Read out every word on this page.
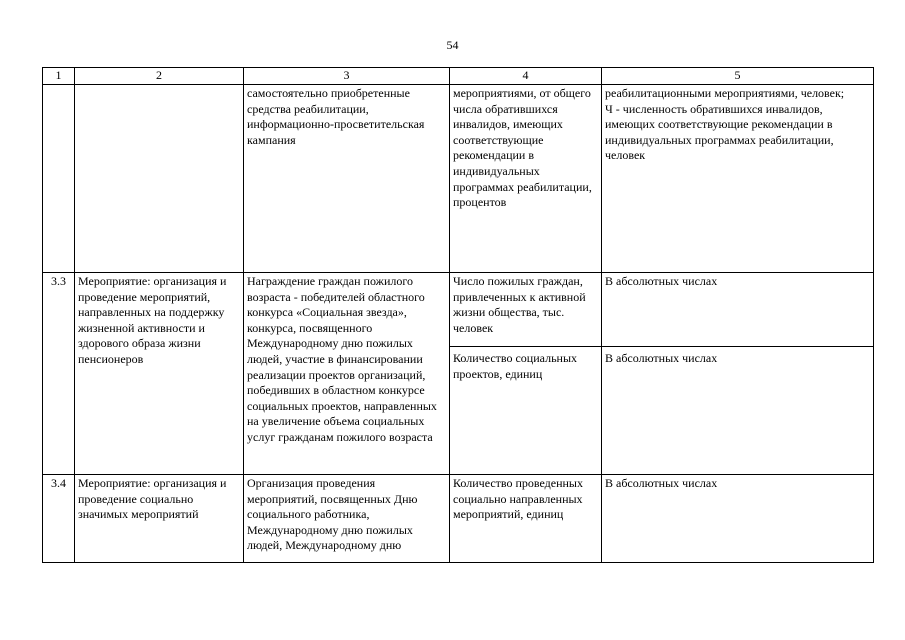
54
1	2	3	4	5
		самостоятельно приобретенные средства реабилитации, информационно-просветительская кампания	мероприятиями, от общего числа обратившихся инвалидов, имеющих соответствующие рекомендации в индивидуальных программах реабилитации, процентов	реабилитационными мероприятиями, человек;
Ч - численность обратившихся инвалидов, имеющих соответствующие рекомендации в индивидуальных программах реабилитации, человек

3.3	Мероприятие: организация и проведение мероприятий, направленных на поддержку жизненной активности и здорового образа жизни пенсионеров	Награждение граждан пожилого возраста - победителей областного конкурса «Социальная звезда», конкурса, посвященного Международному дню пожилых людей, участие в финансировании реализации проектов организаций, победивших в областном конкурсе социальных проектов, направленных на увеличение объема социальных услуг гражданам пожилого возраста	Число пожилых граждан, привлеченных к активной жизни общества, тыс. человек	В абсолютных числах
			Количество социальных проектов, единиц	В абсолютных числах
3.4	Мероприятие: организация и проведение социально значимых мероприятий	Организация проведения мероприятий, посвященных Дню социального работника, Международному дню пожилых людей, Международному дню	Количество проведенных социально направленных мероприятий, единиц	В абсолютных числах
